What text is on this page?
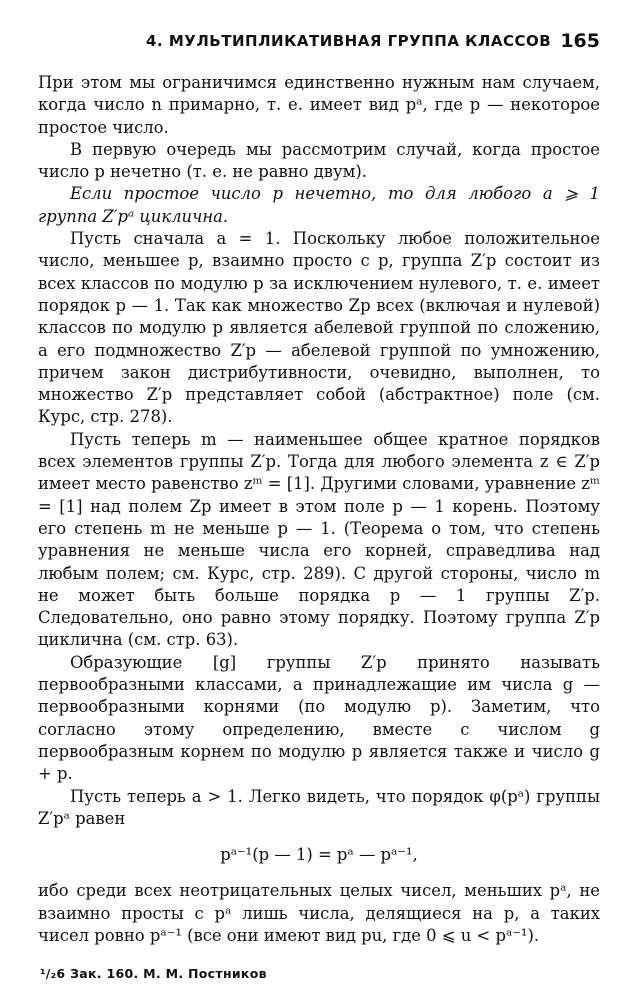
4. МУЛЬТИПЛИКАТИВНАЯ ГРУППА КЛАССОВ 165

При этом мы ограничимся единственно нужным нам случаем, когда число n примарно, т. е. имеет вид pᵃ, где p — некоторое простое число.

В первую очередь мы рассмотрим случай, когда простое число p нечетно (т. е. не равно двум).

Если простое число p нечетно, то для любого a ⩾ 1 группа Z′pᵃ циклична.

Пусть сначала a = 1. Поскольку любое положительное число, меньшее p, взаимно просто с p, группа Z′p состоит из всех классов по модулю p за исключением нулевого, т. е. имеет порядок p — 1. Так как множество Zp всех (включая и нулевой) классов по модулю p является абелевой группой по сложению, а его подмножество Z′p — абелевой группой по умножению, причем закон дистрибутивности, очевидно, выполнен, то множество Z′p представляет собой (абстрактное) поле (см. Курс, стр. 278).

Пусть теперь m — наименьшее общее кратное порядков всех элементов группы Z′p. Тогда для любого элемента z ∈ Z′p имеет место равенство zᵐ = [1]. Другими словами, уравнение zᵐ = [1] над полем Zp имеет в этом поле p — 1 корень. Поэтому его степень m не меньше p — 1. (Теорема о том, что степень уравнения не меньше числа его корней, справедлива над любым полем; см. Курс, стр. 289). С другой стороны, число m не может быть больше порядка p — 1 группы Z′p. Следовательно, оно равно этому порядку. Поэтому группа Z′p циклична (см. стр. 63).

Образующие [g] группы Z′p принято называть первообразными классами, а принадлежащие им числа g — первообразными корнями (по модулю p). Заметим, что согласно этому определению, вместе с числом g первообразным корнем по модулю p является также и число g + p.

Пусть теперь a > 1. Легко видеть, что порядок φ(pᵃ) группы Z′pᵃ равен

pᵃ⁻¹(p — 1) = pᵃ — pᵃ⁻¹,

ибо среди всех неотрицательных целых чисел, меньших pᵃ, не взаимно просты с pᵃ лишь числа, делящиеся на p, а таких чисел ровно pᵃ⁻¹ (все они имеют вид pu, где 0 ⩽ u < pᵃ⁻¹).

¹/₂6 Зак. 160. М. М. Постников
